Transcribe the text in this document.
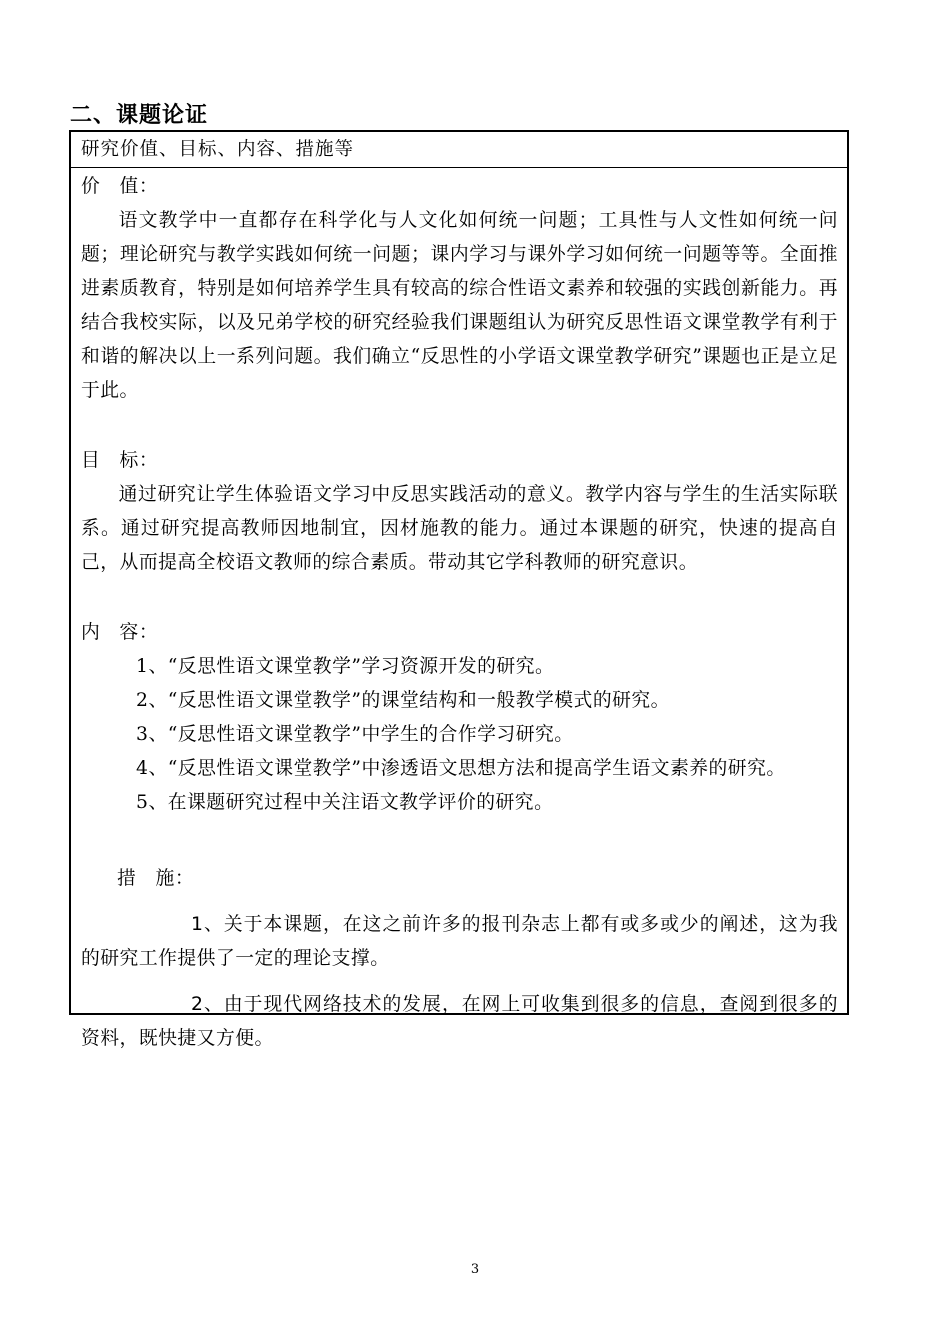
二、课题论证
研究价值、目标、内容、措施等
价　值：
语文教学中一直都存在科学化与人文化如何统一问题；工具性与人文性如何统一问题；理论研究与教学实践如何统一问题；课内学习与课外学习如何统一问题等等。全面推进素质教育，特别是如何培养学生具有较高的综合性语文素养和较强的实践创新能力。再结合我校实际，以及兄弟学校的研究经验我们课题组认为研究反思性语文课堂教学有利于和谐的解决以上一系列问题。我们确立“反思性的小学语文课堂教学研究”课题也正是立足于此。
目　标：
通过研究让学生体验语文学习中反思实践活动的意义。教学内容与学生的生活实际联系。通过研究提高教师因地制宜，因材施教的能力。通过本课题的研究，快速的提高自己，从而提高全校语文教师的综合素质。带动其它学科教师的研究意识。
内　容：
1、“反思性语文课堂教学”学习资源开发的研究。
2、“反思性语文课堂教学”的课堂结构和一般教学模式的研究。
3、“反思性语文课堂教学”中学生的合作学习研究。
4、“反思性语文课堂教学”中渗透语文思想方法和提高学生语文素养的研究。
5、在课题研究过程中关注语文教学评价的研究。
措　施：
1、关于本课题，在这之前许多的报刊杂志上都有或多或少的阐述，这为我的研究工作提供了一定的理论支撑。
2、由于现代网络技术的发展，在网上可收集到很多的信息，查阅到很多的资料，既快捷又方便。
3
